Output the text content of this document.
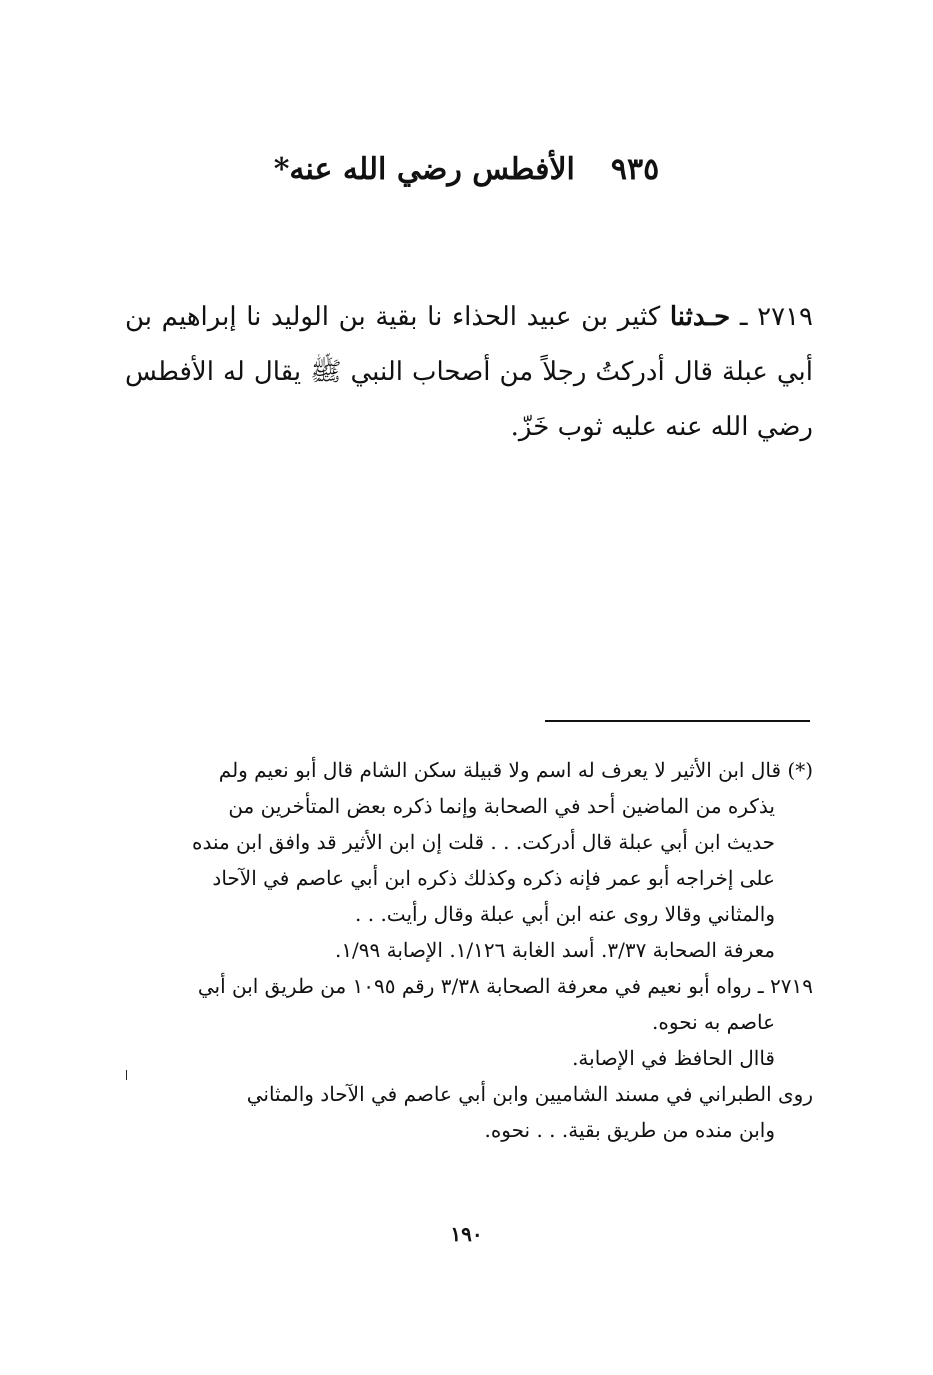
٩٣٥الأفطس رضي الله عنه*
٢٧١٩ ـ حـدثنا كثير بن عبيد الحذاء نا بقية بن الوليد نا إبراهيم بن أبي عبلة قال أدركتُ رجلاً من أصحاب النبي ﷺ يقال له الأفطس رضي الله عنه عليه ثوب خَزّ.

(*) قال ابن الأثير لا يعرف له اسم ولا قبيلة سكن الشام قال أبو نعيم ولم

يذكره من الماضين أحد في الصحابة وإنما ذكره بعض المتأخرين من

حديث ابن أبي عبلة قال أدركت. . . قلت إن ابن الأثير قد وافق ابن منده

على إخراجه أبو عمر فإنه ذكره وكذلك ذكره ابن أبي عاصم في الآحاد

والمثاني وقالا روى عنه ابن أبي عبلة وقال رأيت. . .

معرفة الصحابة ٣/٣٧. أسد الغابة ١/١٢٦. الإصابة ١/٩٩.

٢٧١٩ ـ رواه أبو نعيم في معرفة الصحابة ٣/٣٨ رقم ١٠٩٥ من طريق ابن أبي

عاصم به نحوه.

قاال الحافظ في الإصابة.

روى الطبراني في مسند الشاميين وابن أبي عاصم في الآحاد والمثاني

وابن منده من طريق بقية. . . نحوه.

١٩٠
